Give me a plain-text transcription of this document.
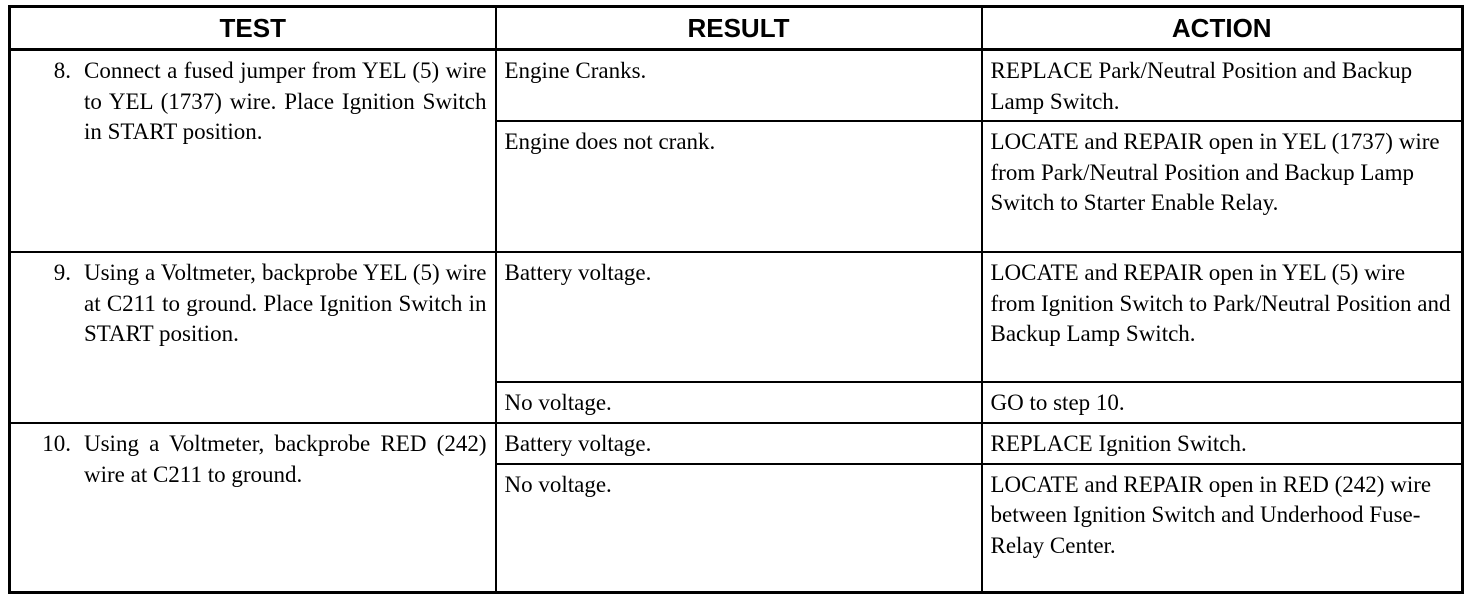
TEST	RESULT	ACTION

8. Connect a fused jumper from YEL (5) wire to YEL (1737) wire. Place Ignition Switch in START position.	Engine Cranks.	REPLACE Park/Neutral Position and Backup Lamp Switch.
	Engine does not crank.	LOCATE and REPAIR open in YEL (1737) wire from Park/Neutral Position and Backup Lamp Switch to Starter Enable Relay.

9. Using a Voltmeter, backprobe YEL (5) wire at C211 to ground. Place Ignition Switch in START position.	Battery voltage.	LOCATE and REPAIR open in YEL (5) wire from Ignition Switch to Park/Neutral Position and Backup Lamp Switch.
	No voltage.	GO to step 10.

10. Using a Voltmeter, backprobe RED (242) wire at C211 to ground.	Battery voltage.	REPLACE Ignition Switch.
	No voltage.	LOCATE and REPAIR open in RED (242) wire between Ignition Switch and Underhood Fuse-Relay Center.
